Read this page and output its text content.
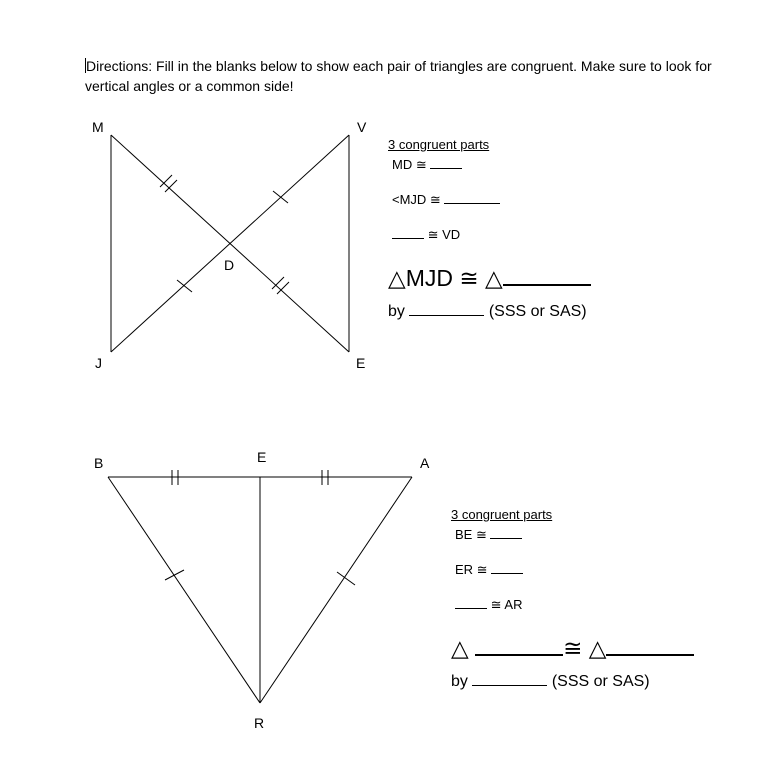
Directions: Fill in the blanks below to show each pair of triangles are congruent. Make sure to look for vertical angles or a common side!
M	V
D
J	E
3 congruent parts
MD ≅
<MJD ≅
≅ VD
△MJD ≅ △
by	(SSS or SAS)
B	E	A
R
3 congruent parts
BE ≅
ER ≅
≅ AR
△	≅ △
by	(SSS or SAS)
